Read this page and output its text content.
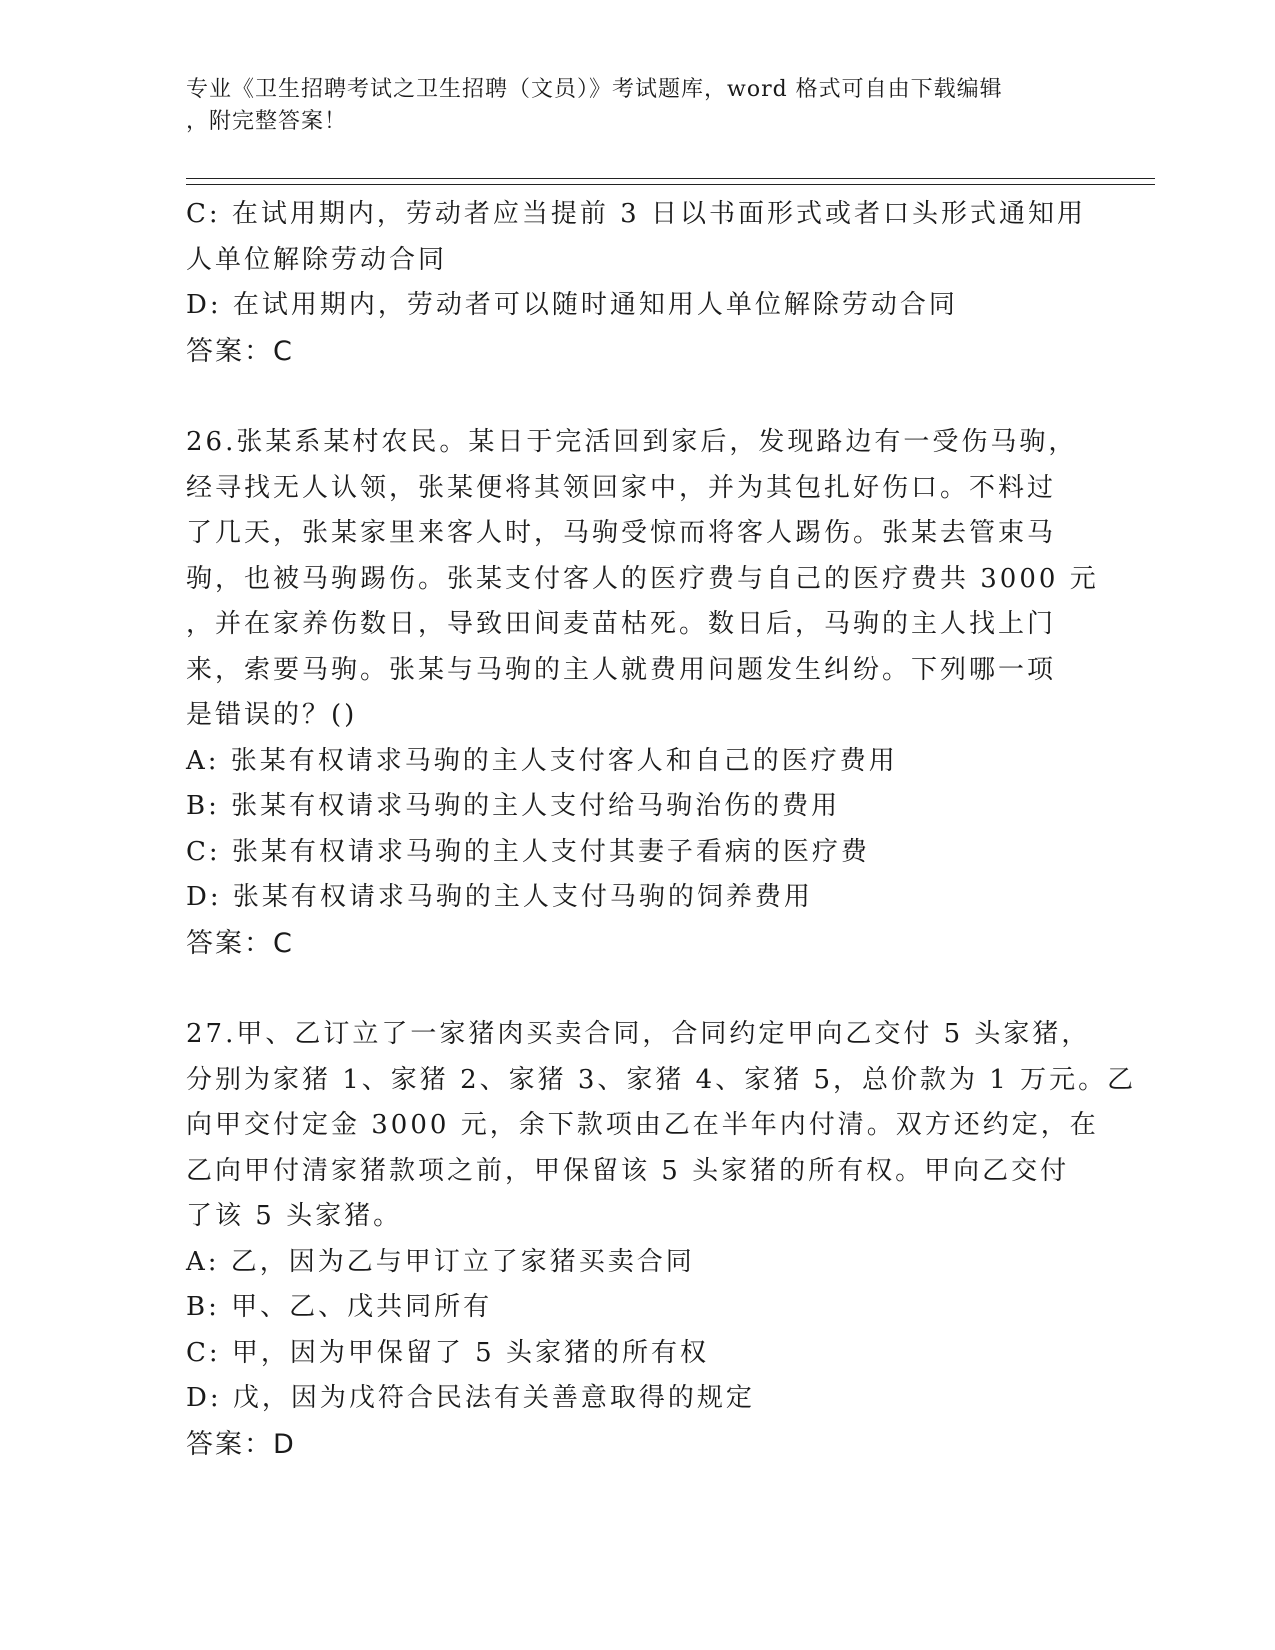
专业《卫生招聘考试之卫生招聘（文员）》考试题库，word 格式可自由下载编辑
，附完整答案！
C: 在试用期内，劳动者应当提前 3 日以书面形式或者口头形式通知用
人单位解除劳动合同
D: 在试用期内，劳动者可以随时通知用人单位解除劳动合同
答案：C
26.张某系某村农民。某日于完活回到家后，发现路边有一受伤马驹，
经寻找无人认领，张某便将其领回家中，并为其包扎好伤口。不料过
了几天，张某家里来客人时，马驹受惊而将客人踢伤。张某去管束马
驹，也被马驹踢伤。张某支付客人的医疗费与自己的医疗费共 3000 元
，并在家养伤数日，导致田间麦苗枯死。数日后，马驹的主人找上门
来，索要马驹。张某与马驹的主人就费用问题发生纠纷。下列哪一项
是错误的？()
A: 张某有权请求马驹的主人支付客人和自己的医疗费用
B: 张某有权请求马驹的主人支付给马驹治伤的费用
C: 张某有权请求马驹的主人支付其妻子看病的医疗费
D: 张某有权请求马驹的主人支付马驹的饲养费用
答案：C
27.甲、乙订立了一家猪肉买卖合同，合同约定甲向乙交付 5 头家猪，
分别为家猪 1、家猪 2、家猪 3、家猪 4、家猪 5，总价款为 1 万元。乙
向甲交付定金 3000 元，余下款项由乙在半年内付清。双方还约定，在
乙向甲付清家猪款项之前，甲保留该 5 头家猪的所有权。甲向乙交付
了该 5 头家猪。
A: 乙，因为乙与甲订立了家猪买卖合同
B: 甲、乙、戊共同所有
C: 甲，因为甲保留了 5 头家猪的所有权
D: 戊，因为戊符合民法有关善意取得的规定
答案：D
